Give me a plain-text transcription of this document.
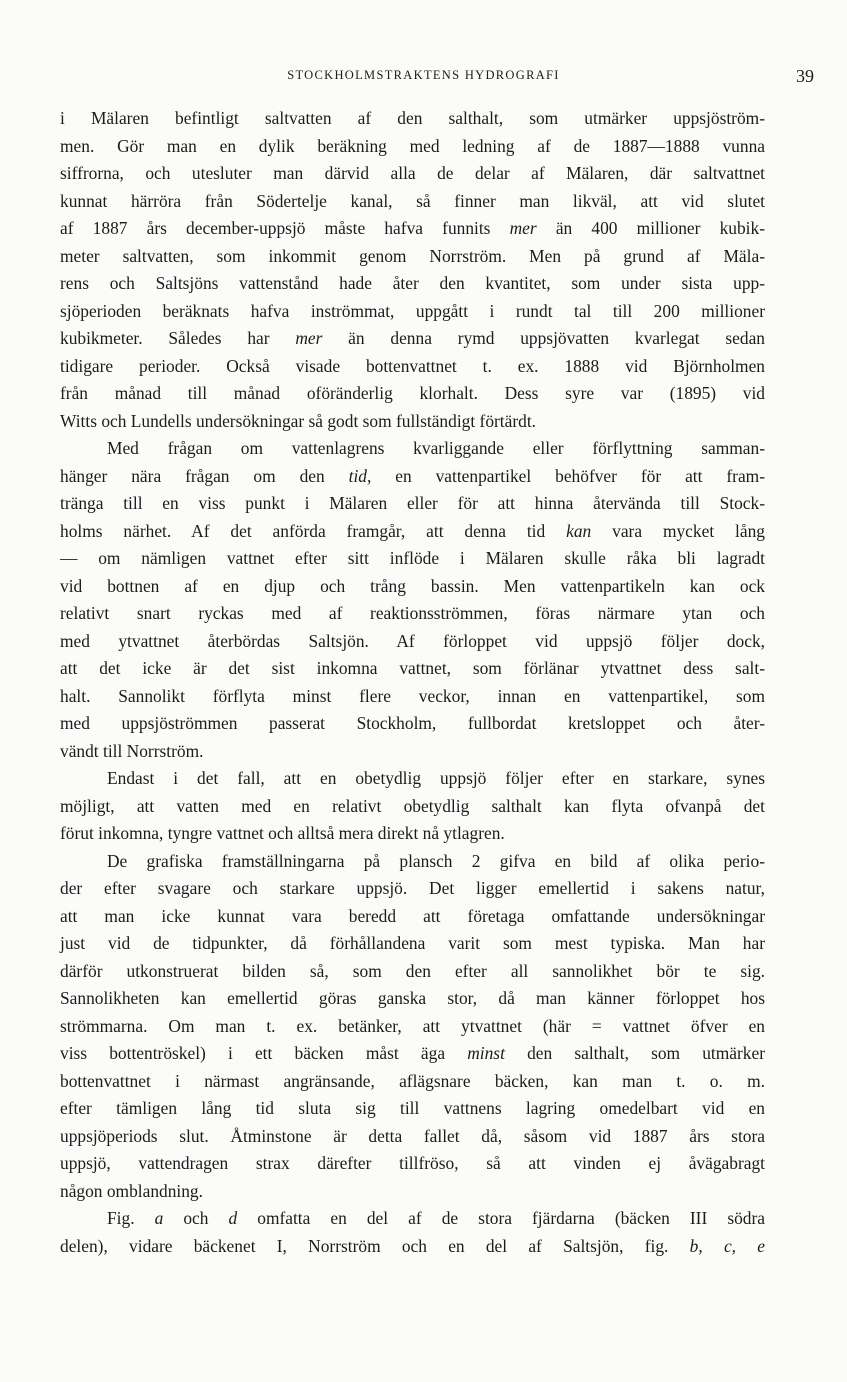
STOCKHOLMSTRAKTENS HYDROGRAFI	39
i Mälaren befintligt saltvatten af den salthalt, som utmärker uppsjöström-
men. Gör man en dylik beräkning med ledning af de 1887—1888 vunna
siffrorna, och utesluter man därvid alla de delar af Mälaren, där saltvattnet
kunnat härröra från Södertelje kanal, så finner man likväl, att vid slutet
af 1887 års december-uppsjö måste hafva funnits mer än 400 millioner kubik-
meter saltvatten, som inkommit genom Norrström. Men på grund af Mäla-
rens och Saltsjöns vattenstånd hade åter den kvantitet, som under sista upp-
sjöperioden beräknats hafva inströmmat, uppgått i rundt tal till 200 millioner
kubikmeter. Således har mer än denna rymd uppsjövatten kvarlegat sedan
tidigare perioder. Också visade bottenvattnet t. ex. 1888 vid Björnholmen
från månad till månad oföränderlig klorhalt. Dess syre var (1895) vid
Witts och Lundells undersökningar så godt som fullständigt förtärdt.
Med frågan om vattenlagrens kvarliggande eller förflyttning samman-
hänger nära frågan om den tid, en vattenpartikel behöfver för att fram-
tränga till en viss punkt i Mälaren eller för att hinna återvända till Stock-
holms närhet. Af det anförda framgår, att denna tid kan vara mycket lång
— om nämligen vattnet efter sitt inflöde i Mälaren skulle råka bli lagradt
vid bottnen af en djup och trång bassin. Men vattenpartikeln kan ock
relativt snart ryckas med af reaktionsströmmen, föras närmare ytan och
med ytvattnet återbördas Saltsjön. Af förloppet vid uppsjö följer dock,
att det icke är det sist inkomna vattnet, som förlänar ytvattnet dess salt-
halt. Sannolikt förflyta minst flere veckor, innan en vattenpartikel, som
med uppsjöströmmen passerat Stockholm, fullbordat kretsloppet och åter-
vändt till Norrström.
Endast i det fall, att en obetydlig uppsjö följer efter en starkare, synes
möjligt, att vatten med en relativt obetydlig salthalt kan flyta ofvanpå det
förut inkomna, tyngre vattnet och alltså mera direkt nå ytlagren.
De grafiska framställningarna på plansch 2 gifva en bild af olika perio-
der efter svagare och starkare uppsjö. Det ligger emellertid i sakens natur,
att man icke kunnat vara beredd att företaga omfattande undersökningar
just vid de tidpunkter, då förhållandena varit som mest typiska. Man har
därför utkonstruerat bilden så, som den efter all sannolikhet bör te sig.
Sannolikheten kan emellertid göras ganska stor, då man känner förloppet hos
strömmarna. Om man t. ex. betänker, att ytvattnet (här = vattnet öfver en
viss bottentröskel) i ett bäcken måst äga minst den salthalt, som utmärker
bottenvattnet i närmast angränsande, aflägsnare bäcken, kan man t. o. m.
efter tämligen lång tid sluta sig till vattnens lagring omedelbart vid en
uppsjöperiods slut. Åtminstone är detta fallet då, såsom vid 1887 års stora
uppsjö, vattendragen strax därefter tillfröso, så att vinden ej åvägabragt
någon omblandning.
Fig. a och d omfatta en del af de stora fjärdarna (bäcken III södra
delen), vidare bäckenet I, Norrström och en del af Saltsjön, fig. b, c, e
